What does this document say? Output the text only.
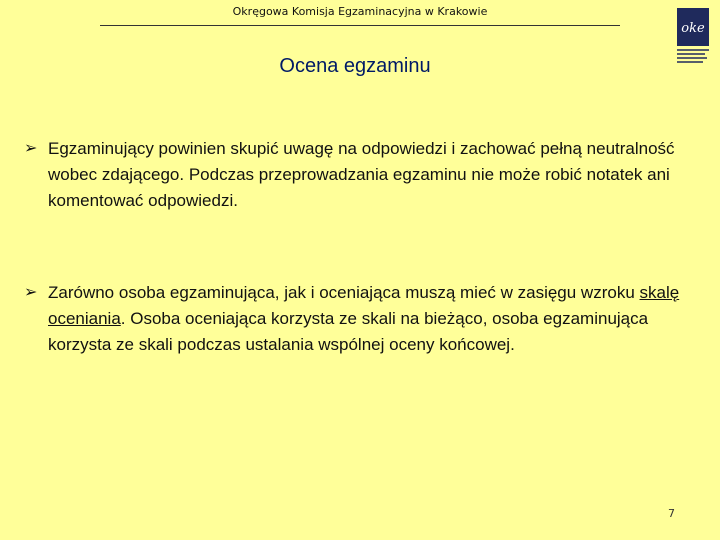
Okręgowa Komisja Egzaminacyjna w Krakowie
oke
Ocena egzaminu
➢ Egzaminujący powinien skupić uwagę na odpowiedzi i zachować pełną neutralność wobec zdającego. Podczas przeprowadzania egzaminu nie może robić notatek ani komentować odpowiedzi.
➢ Zarówno osoba egzaminująca, jak i oceniająca muszą mieć w zasięgu wzroku skalę oceniania. Osoba oceniająca korzysta ze skali na bieżąco, osoba egzaminująca korzysta ze skali podczas ustalania wspólnej oceny końcowej.
7
